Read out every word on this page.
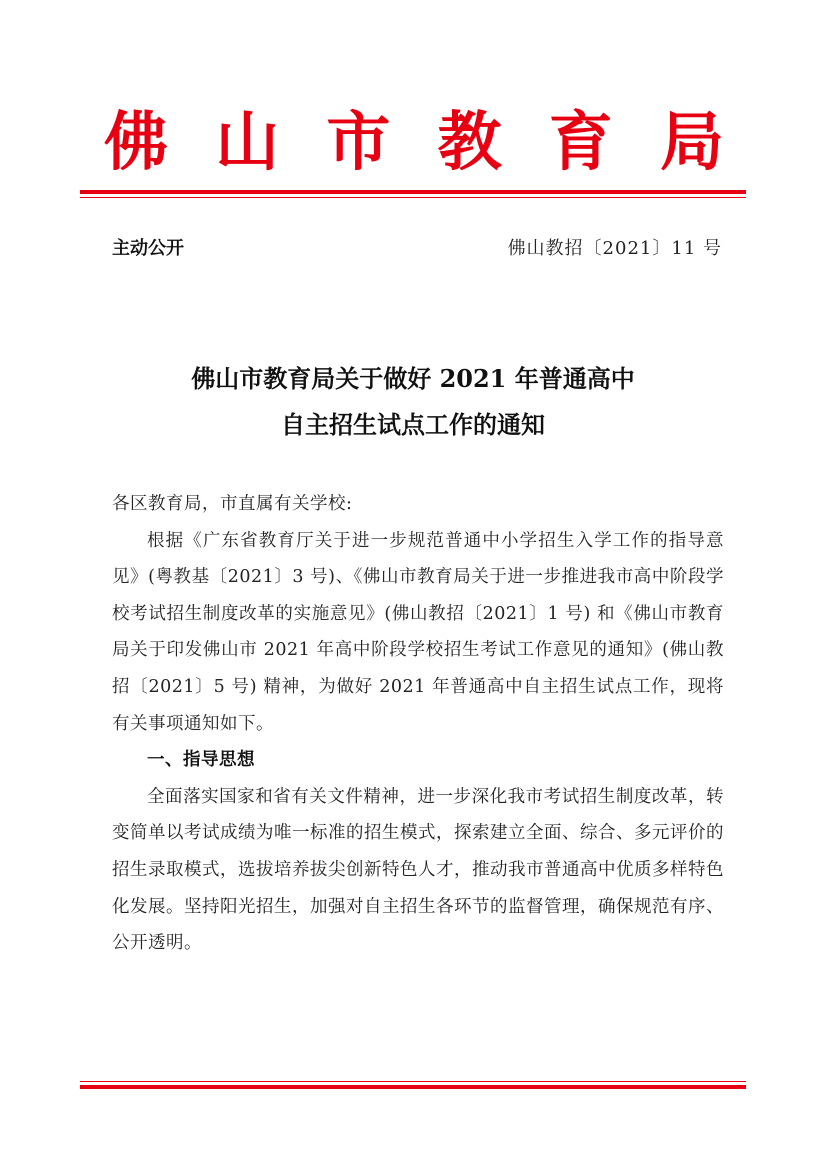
佛 山 市 教 育 局
主动公开	佛山教招〔2021〕11 号
佛山市教育局关于做好 2021 年普通高中
自主招生试点工作的通知

各区教育局，市直属有关学校:

根据《广东省教育厅关于进一步规范普通中小学招生入学工作的指导意见》(粤教基〔2021〕3 号)、《佛山市教育局关于进一步推进我市高中阶段学校考试招生制度改革的实施意见》(佛山教招〔2021〕1 号) 和《佛山市教育局关于印发佛山市 2021 年高中阶段学校招生考试工作意见的通知》(佛山教招〔2021〕5 号) 精神，为做好 2021 年普通高中自主招生试点工作，现将有关事项通知如下。

一、指导思想

全面落实国家和省有关文件精神，进一步深化我市考试招生制度改革，转变简单以考试成绩为唯一标准的招生模式，探索建立全面、综合、多元评价的招生录取模式，选拔培养拔尖创新特色人才，推动我市普通高中优质多样特色化发展。坚持阳光招生，加强对自主招生各环节的监督管理，确保规范有序、公开透明。
